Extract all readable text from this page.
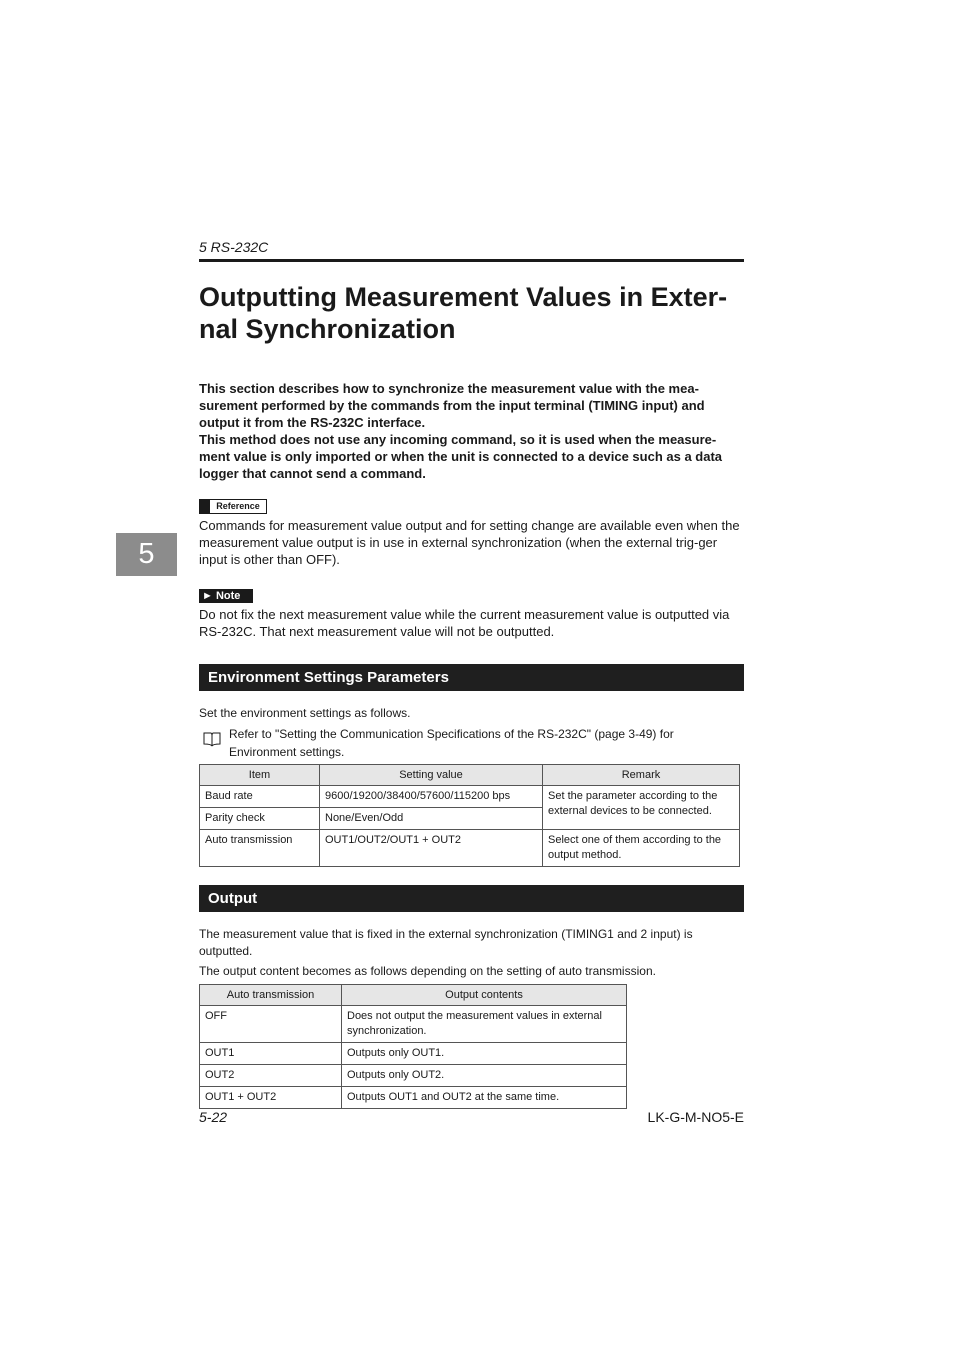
5 RS-232C
Outputting Measurement Values in Exter-
nal Synchronization
This section describes how to synchronize the measurement value with the mea-surement performed by the commands from the input terminal (TIMING input) and output it from the RS-232C interface.
This method does not use any incoming command, so it is used when the measure-ment value is only imported or when the unit is connected to a device such as a data logger that cannot send a command.
Reference
Commands for measurement value output and for setting change are available even when the measurement value output is in use in external synchronization (when the external trig-ger input is other than OFF).
5
► Note
Do not fix the next measurement value while the current measurement value is outputted via RS-232C. That next measurement value will not be outputted.
Environment Settings Parameters
Set the environment settings as follows.
Refer to "Setting the Communication Specifications of the RS-232C" (page 3-49) for Environment settings.
Item	Setting value	Remark
Baud rate	9600/19200/38400/57600/115200 bps	Set the parameter according to the external devices to be connected.
Parity check	None/Even/Odd	
Auto transmission	OUT1/OUT2/OUT1 + OUT2	Select one of them according to the output method.
Output
The measurement value that is fixed in the external synchronization (TIMING1 and 2 input) is outputted.
The output content becomes as follows depending on the setting of auto transmission.
Auto transmission	Output contents
OFF	Does not output the measurement values in external synchronization.
OUT1	Outputs only OUT1.
OUT2	Outputs only OUT2.
OUT1 + OUT2	Outputs OUT1 and OUT2 at the same time.
5-22	LK-G-M-NO5-E
